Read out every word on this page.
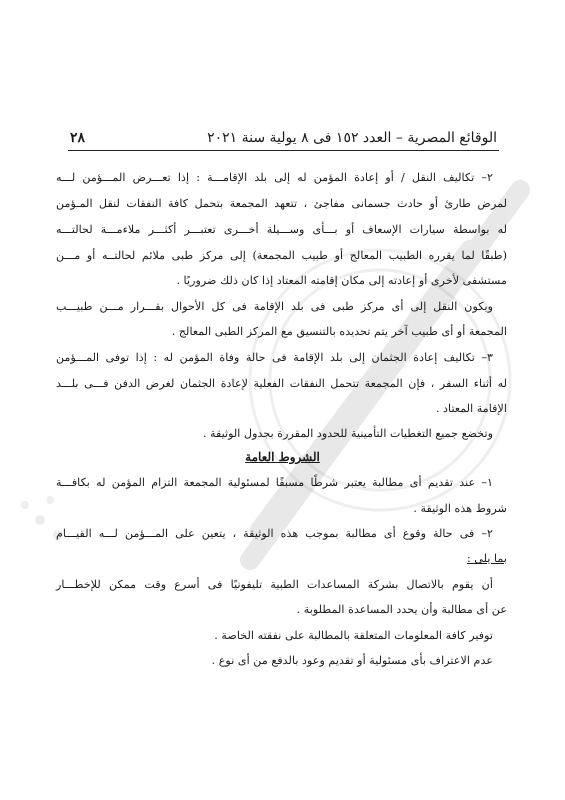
الوقائع المصرية – العدد ١٥٢ فى ٨ يولية سنة ٢٠٢١
٢٨
٢– تكاليف النقل / أو إعادة المؤمن له إلى بلد الإقامـــة : إذا تعـــرض المـــؤمن لـــه
لمرض طارئ أو حادث جسمانى مفاجئ ، تتعهد المجمعة بتحمل كافة النفقات لنقل المـؤمن
له بواسطة سيارات الإسعاف أو بـــأى وســـيلة أخـــرى تعتبـــر أكثـــر ملاءمـــة لحالتـــه
(طبقًا لما يقرره الطبيب المعالج أو طبيب المجمعة) إلى مركز طبى ملائم لحالتــه أو مـــن
مستشفى لأخرى أو إعادته إلى مكان إقامته المعتاد إذا كان ذلك ضروريًا .
ويكون النقل إلى أى مركز طبى فى بلد الإقامة فى كل الأحوال بقـــرار مـــن طبيـــب
المجمعة أو أى طبيب آخر يتم تحديده بالتنسيق مع المركز الطبى المعالج .
٣– تكاليف إعادة الجثمان إلى بلد الإقامة فى حالة وفاة المؤمن له : إذا توفى المـــؤمن
له أثناء السفر ، فإن المجمعة تتحمل النفقات الفعلية لإعادة الجثمان لغرض الدفن فـــى بلـــد
الإقامة المعتاد .
وتخضع جميع التغطيات التأمينية للحدود المقررة بجدول الوثيقة .
الشروط العامة
١– عند تقديم أى مطالبة يعتبر شرطًا مسبقًا لمسئولية المجمعة التزام المؤمن له بكافـــة
شروط هذه الوثيقة .
٢– فى حالة وقوع أى مطالبة بموجب هذه الوثيقة ، يتعين على المـــؤمن لـــه القيـــام
بما يلى :
أن يقوم بالاتصال بشركة المساعدات الطبية تليفونيًا فى أسرع وقت ممكن للإخطـــار
عن أى مطالبة وأن يحدد المساعدة المطلوبة .
توفير كافة المعلومات المتعلقة بالمطالبة على نفقته الخاصة .
عدم الاعتراف بأى مسئولية أو تقديم وعود بالدفع من أى نوع .
